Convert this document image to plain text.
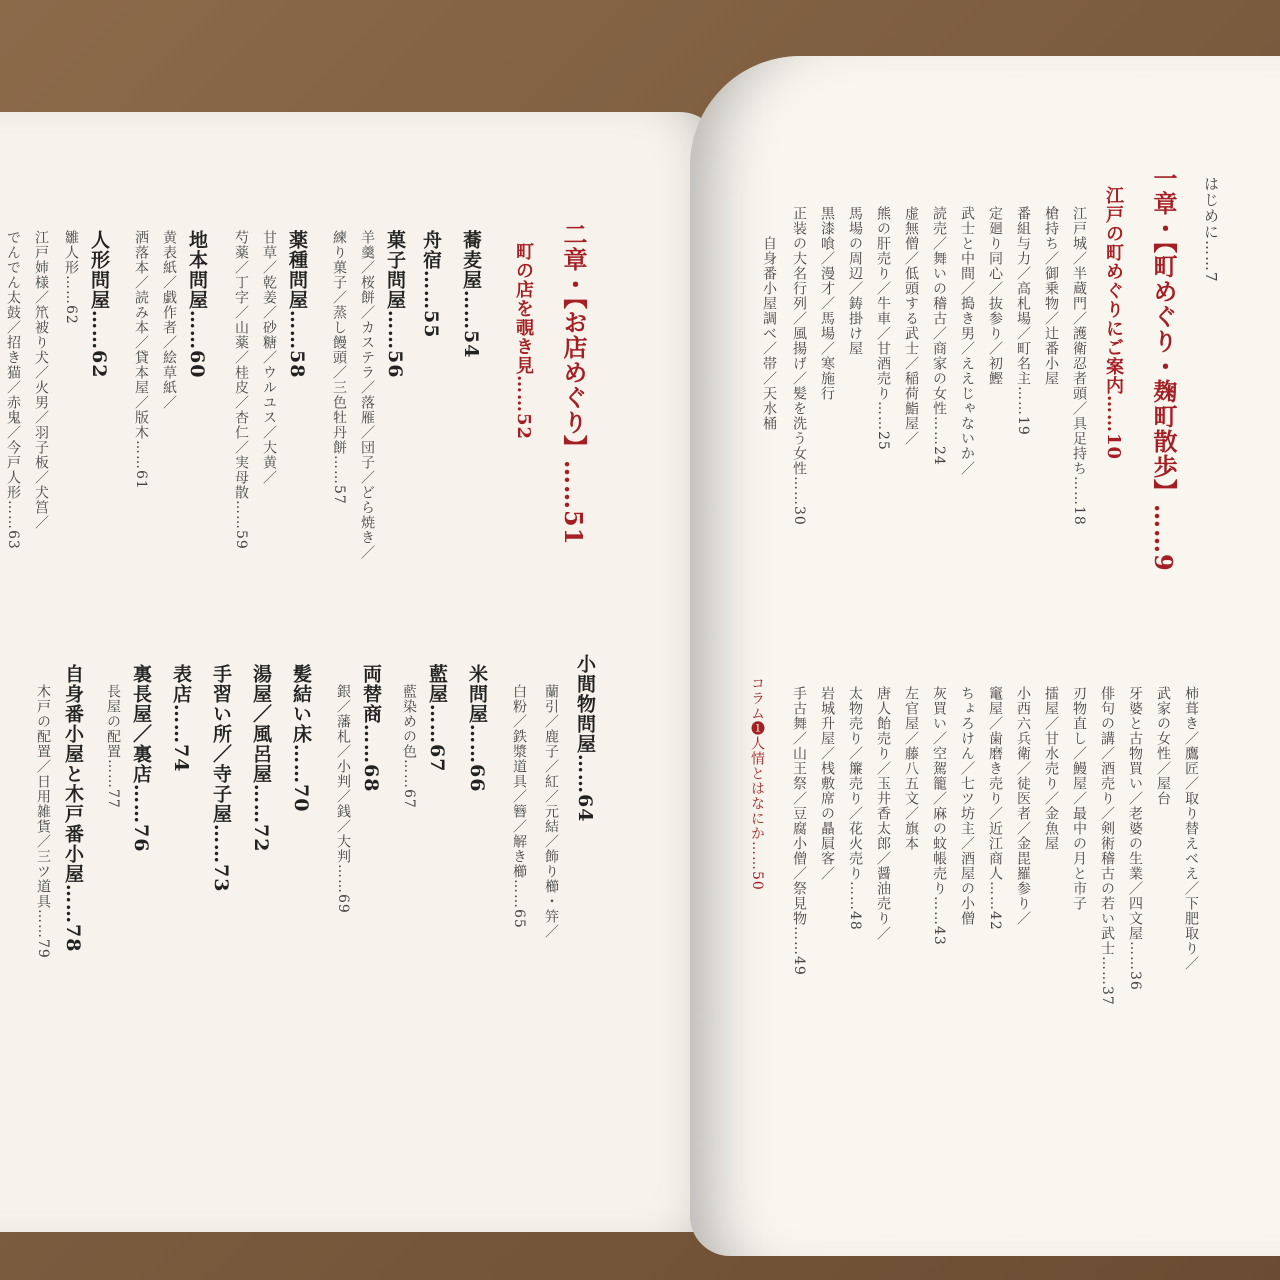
二章・【お店めぐり】……51
町の店を覗き見……52
蕎麦屋……54
舟宿……55
菓子問屋……56
羊羹／桜餅／カステラ／落雁／団子／どら焼き／
練り菓子／蒸し饅頭／三色牡丹餅……57
薬種問屋……58
甘草／乾姜／砂糖／ウルユス／大黄／
芍薬／丁字／山薬／桂皮／杏仁／実母散……59
地本問屋……60
黄表紙／戯作者／絵草紙／
洒落本／読み本／貸本屋／版木……61
人形問屋……62
雛人形……62
江戸姉様／笊被り犬／火男／羽子板／犬筥／
でんでん太鼓／招き猫／赤鬼／今戸人形……63
小間物問屋……64
蘭引／鹿子／紅／元結／飾り櫛・笄／
白粉／鉄漿道具／簪／解き櫛……65
米問屋……66
藍屋……67
藍染めの色……67
両替商……68
銀／藩札／小判／銭／大判……69
髪結い床……70
湯屋／風呂屋……72
手習い所／寺子屋……73
表店……74
裏長屋／裏店……76
長屋の配置……77
自身番小屋と木戸番小屋……78
木戸の配置／日用雑貨／三ツ道具……79
はじめに……7
一章・【町めぐり・麹町散歩】……9
江戸の町めぐりにご案内……10
江戸城／半蔵門／護衛忍者頭／具足持ち……18
槍持ち／御乗物／辻番小屋
番組与力／高札場／町名主……19
定廻り同心／抜参り／初鰹
武士と中間／搗き男／ええじゃないか／
読売／舞いの稽古／商家の女性……24
虚無僧／低頭する武士／稲荷鮨屋／
熊の肝売り／牛車／甘酒売り……25
馬場の周辺／鋳掛け屋
黒漆喰／漫才／馬場／寒施行
正装の大名行列／風揚げ／髪を洗う女性……30
自身番小屋調べ／帯／天水桶
柿葺き／鷹匠／取り替えべえ／下肥取り／
武家の女性／屋台
牙婆と古物買い／老婆の生業／四文屋……36
俳句の講／酒売り／剣術稽古の若い武士……37
刃物直し／鰻屋／最中の月と市子
擂屋／甘水売り／金魚屋
小西六兵衛／徒医者／金毘羅参り／
竃屋／歯磨き売り／近江商人……42
ちょろけん／七ツ坊主／酒屋の小僧
灰買い／空駕籠／麻の蚊帳売り……43
左官屋／藤八五文／旗本
唐人飴売り／玉井香太郎／醤油売り／
太物売り／簾売り／花火売り……48
岩城升屋／桟敷席の贔屓客／
手古舞／山王祭／豆腐小僧／祭見物……49
コラム❶人情とはなにか……50
